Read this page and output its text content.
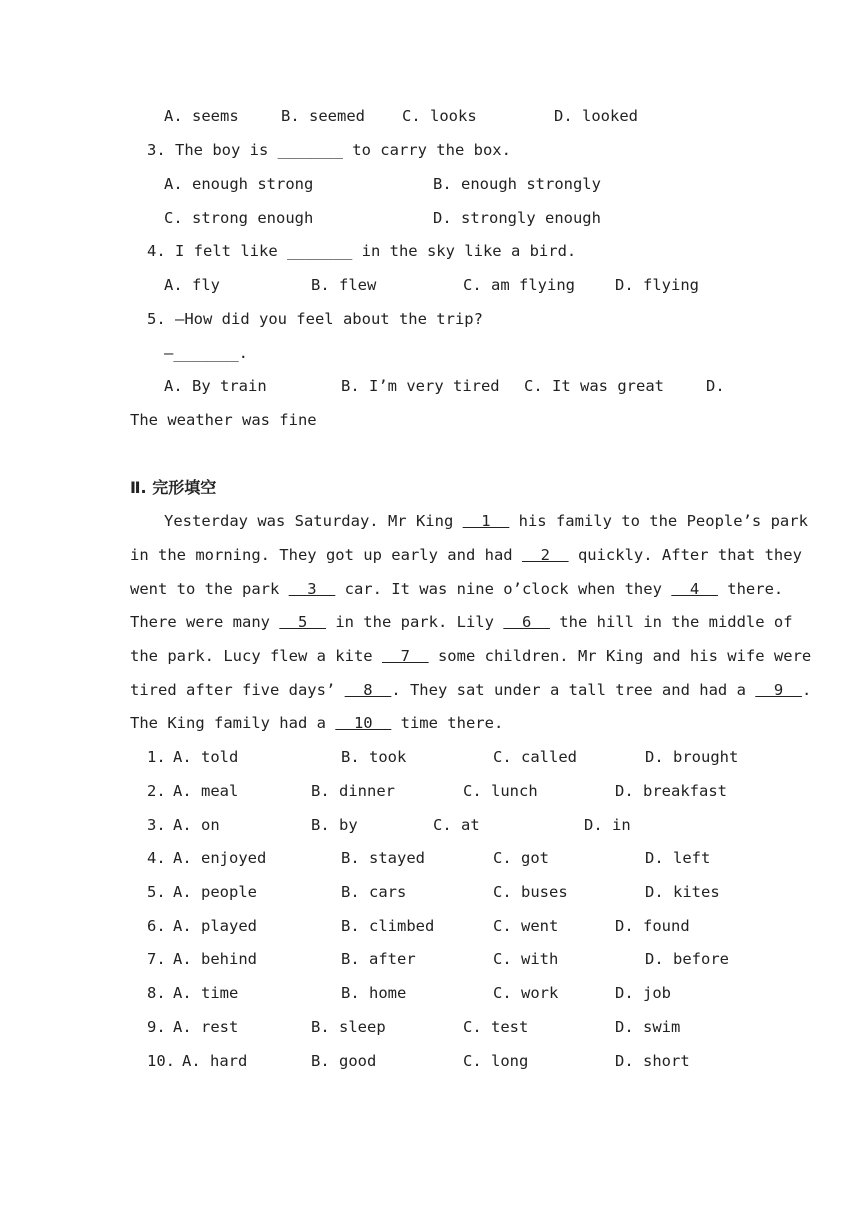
A. seems	B. seemed C. looks	D. looked
3. The boy is _______ to carry the box.
A. enough strong	B. enough strongly
C. strong enough	D. strongly enough
4. I felt like _______ in the sky like a bird.
A. fly	B. flew	C. am flying	D. flying
5. —How did you feel about the trip?
—_______.
A. By train	B. I’m very tired C. It was great	D.
The weather was fine
Ⅱ. 完形填空
Yesterday was Saturday. Mr King   1   his family to the People’s park
in the morning. They got up early and had   2   quickly. After that they
went to the park   3   car. It was nine o’clock when they   4   there.
There were many   5   in the park. Lily   6   the hill in the middle of
the park. Lucy flew a kite   7   some children. Mr King and his wife were
tired after five days’   8  . They sat under a tall tree and had a   9  .
The King family had a   10   time there.
1. A. told	B. took	C. called	D. brought
2. A. meal	B. dinner	C. lunch	D. breakfast
3. A. on	B. by	C. at	D. in
4. A. enjoyed	B. stayed	C. got	D. left
5. A. people	B. cars	C. buses	D. kites
6. A. played	B. climbed	C. went	D. found
7. A. behind	B. after	C. with	D. before
8. A. time	B. home	C. work	D. job
9. A. rest	B. sleep	C. test	D. swim
10. A. hard	B. good	C. long	D. short
